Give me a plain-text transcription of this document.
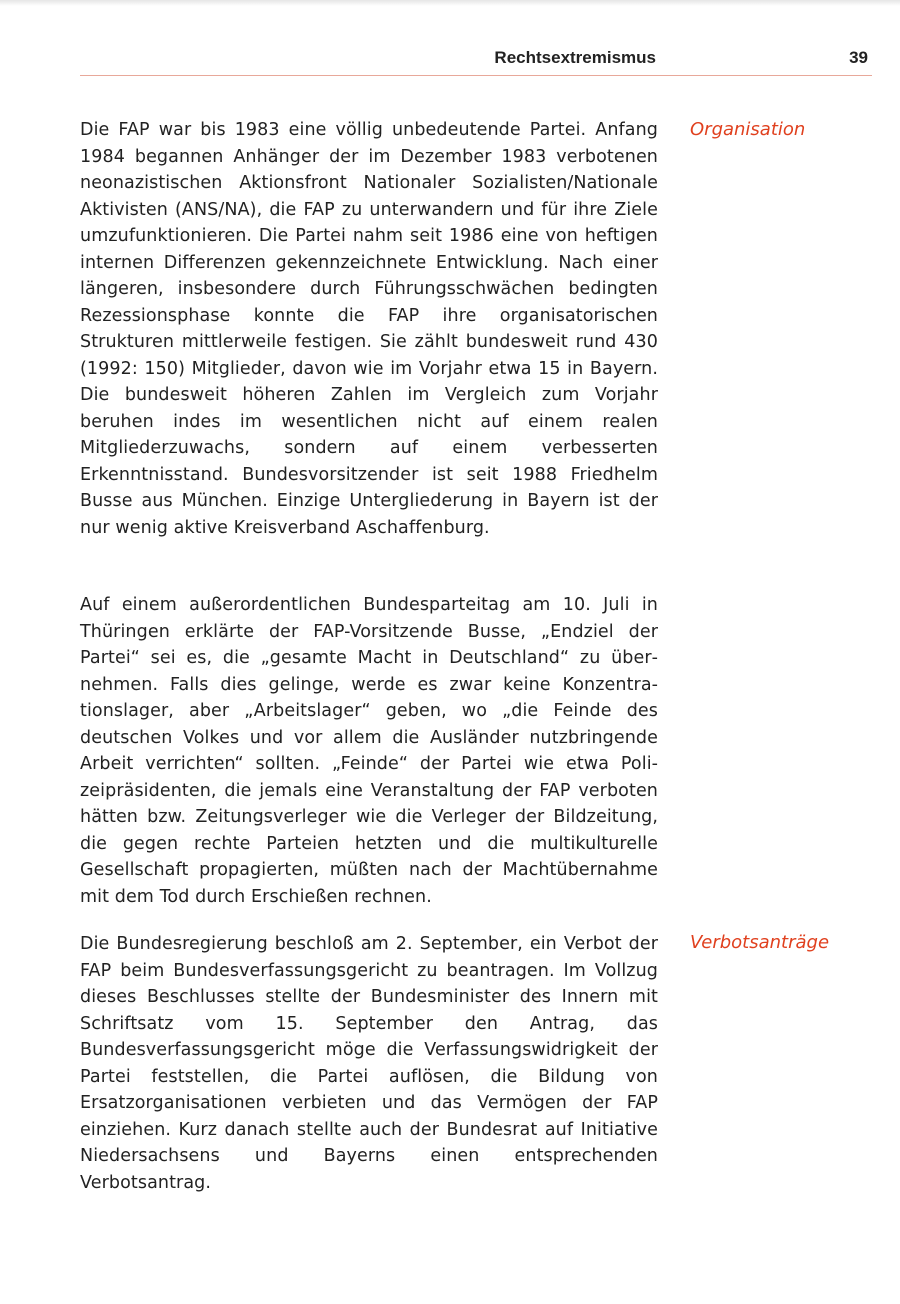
Rechtsextremismus	39
Organisation

Die FAP war bis 1983 eine völlig unbedeutende Partei. Anfang 1984 begannen Anhänger der im Dezember 1983 verbotenen neonazistischen Aktionsfront Nationaler Sozialisten/Nationale Aktivisten (ANS/NA), die FAP zu unterwandern und für ihre Ziele umzufunktionieren. Die Partei nahm seit 1986 eine von heftigen internen Differenzen gekennzeichnete Entwicklung. Nach einer längeren, insbesondere durch Führungsschwächen bedingten Rezessionsphase konnte die FAP ihre organisatorischen Strukturen mittlerweile festigen. Sie zählt bundesweit rund 430 (1992: 150) Mitglieder, davon wie im Vorjahr etwa 15 in Bayern. Die bundesweit höheren Zahlen im Vergleich zum Vorjahr beruhen indes im wesentlichen nicht auf einem realen Mitgliederzuwachs, sondern auf einem verbesserten Erkenntnisstand. Bundesvorsitzender ist seit 1988 Friedhelm Busse aus München. Einzige Untergliederung in Bayern ist der nur wenig aktive Kreisverband Aschaffenburg.

Auf einem außerordentlichen Bundesparteitag am 10. Juli in Thüringen erklärte der FAP-Vorsitzende Busse, „Endziel der Partei“ sei es, die „gesamte Macht in Deutschland“ zu übernehmen. Falls dies gelinge, werde es zwar keine Konzentrationslager, aber „Arbeitslager“ geben, wo „die Feinde des deutschen Volkes und vor allem die Ausländer nutzbringende Arbeit verrichten“ sollten. „Feinde“ der Partei wie etwa Polizeipräsidenten, die jemals eine Veranstaltung der FAP verboten hätten bzw. Zeitungsverleger wie die Verleger der Bildzeitung, die gegen rechte Parteien hetzten und die multikulturelle Gesellschaft propagierten, müßten nach der Machtübernahme mit dem Tod durch Erschießen rechnen.

Verbotsanträge

Die Bundesregierung beschloß am 2. September, ein Verbot der FAP beim Bundesverfassungsgericht zu beantragen. Im Vollzug dieses Beschlusses stellte der Bundesminister des Innern mit Schriftsatz vom 15. September den Antrag, das Bundesverfassungsgericht möge die Verfassungswidrigkeit der Partei feststellen, die Partei auflösen, die Bildung von Ersatzorganisationen verbieten und das Vermögen der FAP einziehen. Kurz danach stellte auch der Bundesrat auf Initiative Niedersachsens und Bayerns einen entsprechenden Verbotsantrag.
